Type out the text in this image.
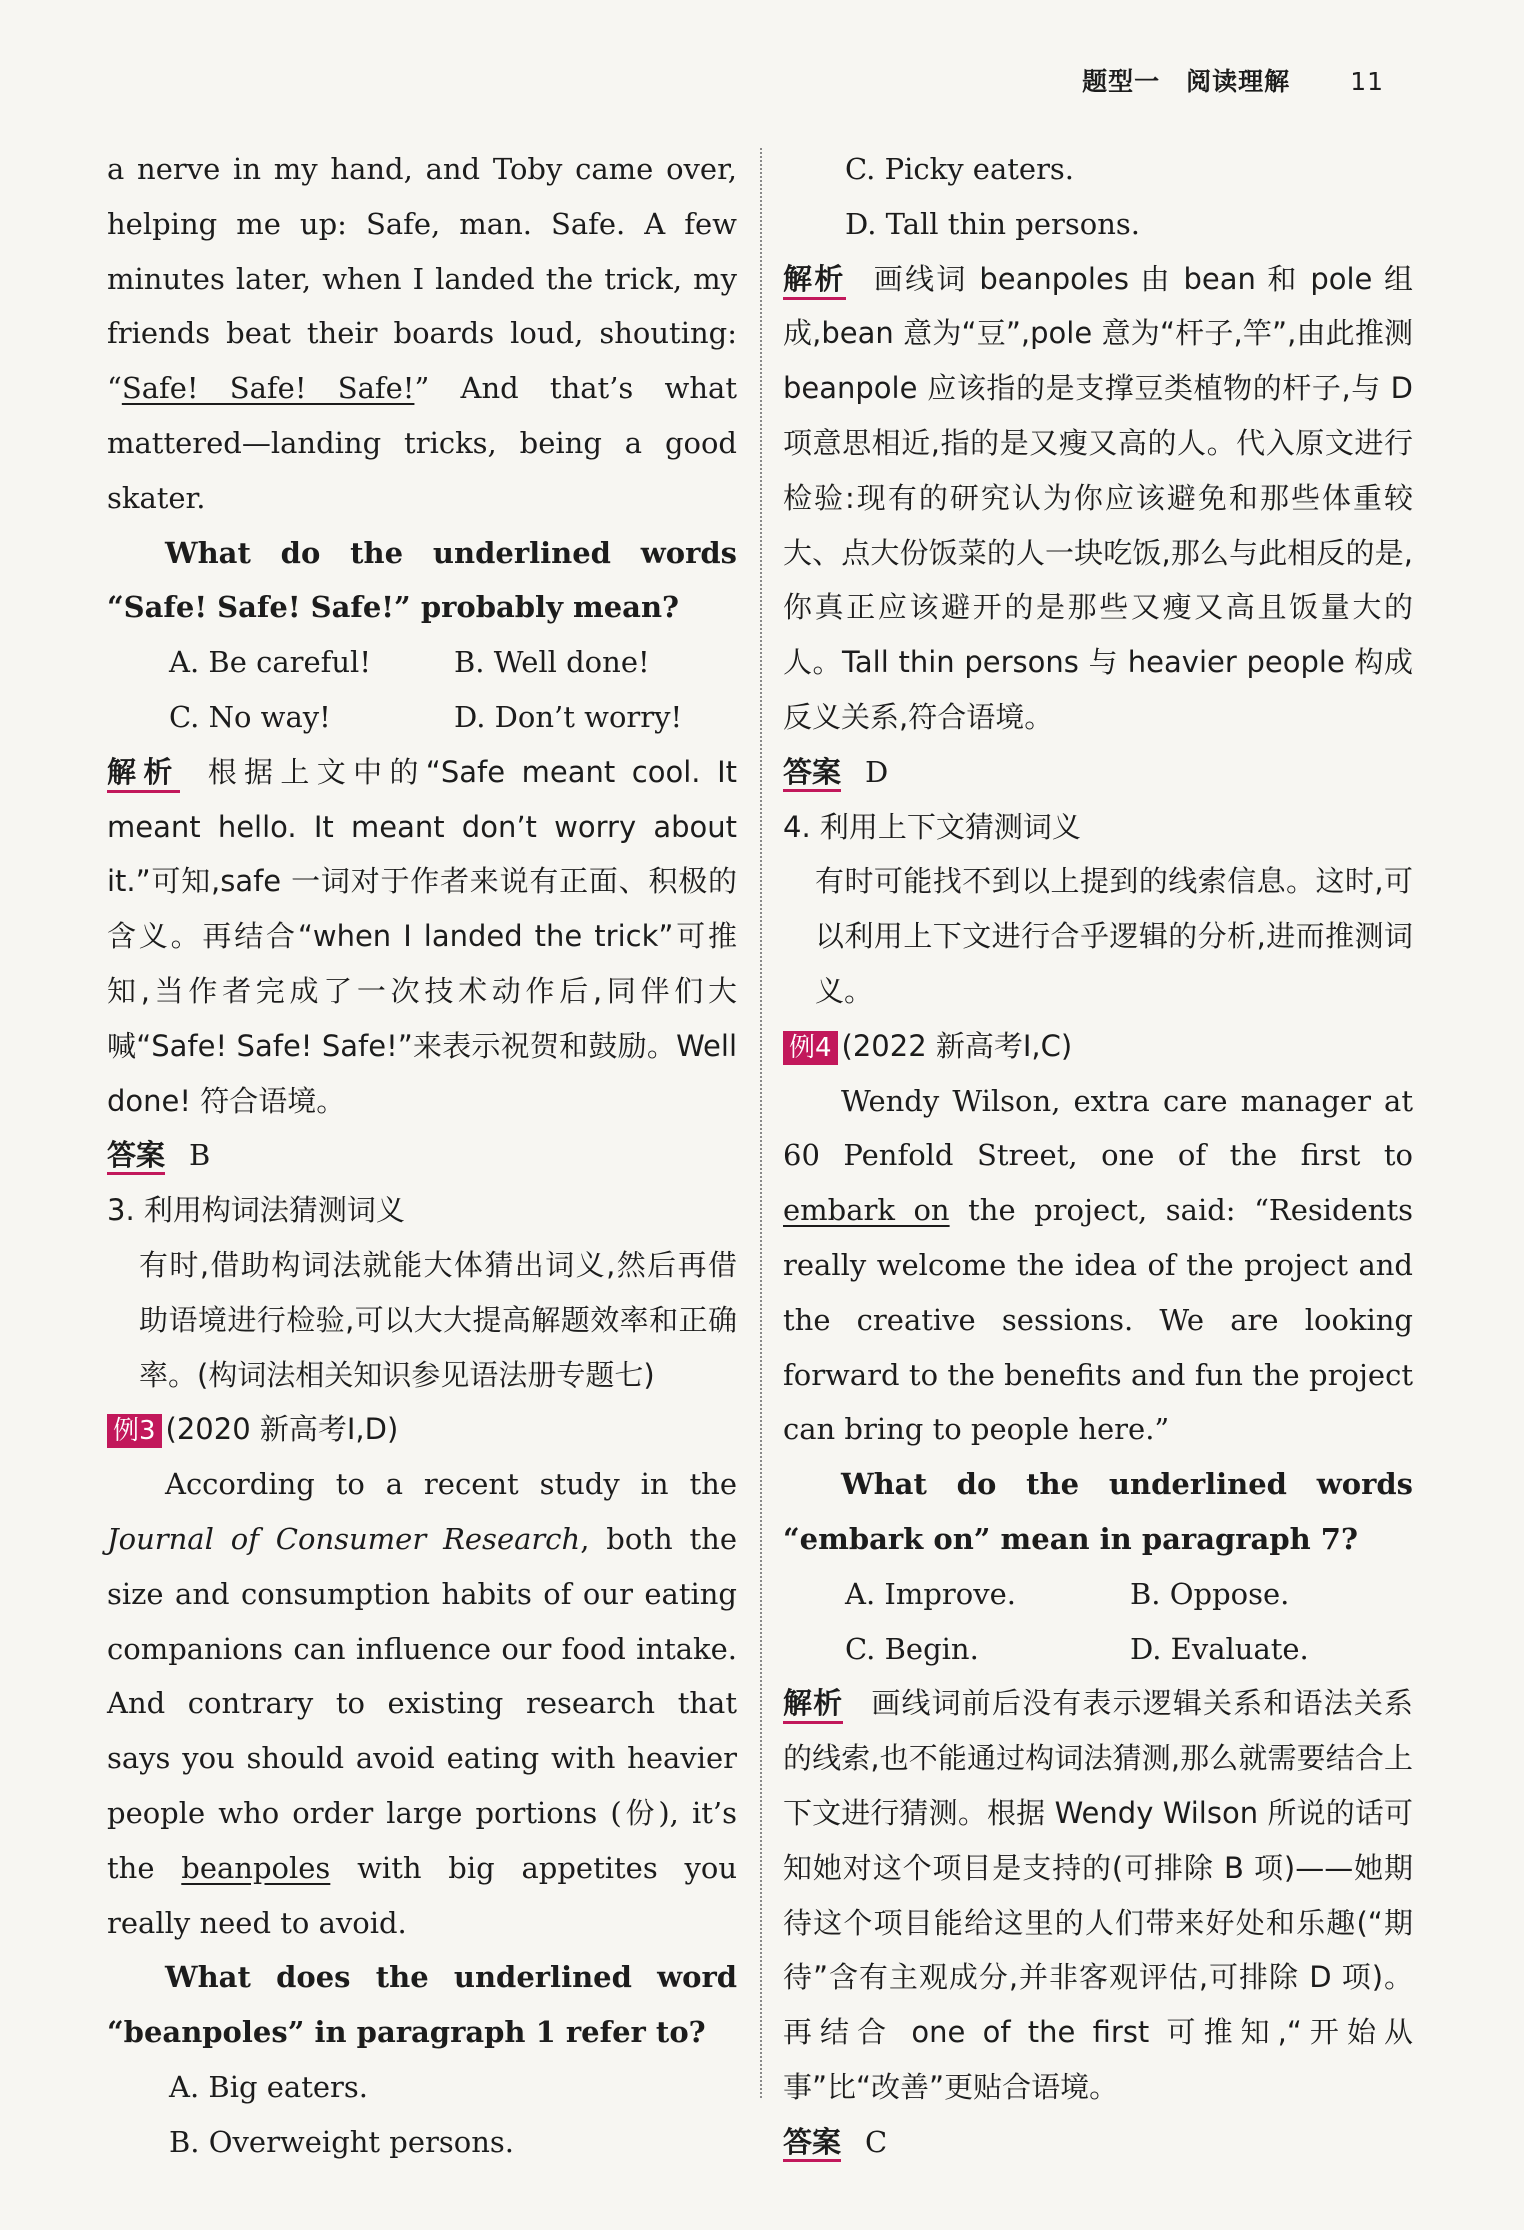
题型一　阅读理解 11

a nerve in my hand, and Toby came over, helping me up: Safe, man. Safe. A few minutes later, when I landed the trick, my friends beat their boards loud, shouting: “Safe! Safe! Safe!” And that’s what mattered—landing tricks, being a good skater.

What do the underlined words “Safe! Safe! Safe!” probably mean?

A. Be careful!	B. Well done!
C. No way!	D. Don’t worry!

解析 根据上文中的“Safe meant cool. It meant hello. It meant don’t worry about it.”可知,safe 一词对于作者来说有正面、积极的含义。再结合“when I landed the trick”可推知,当作者完成了一次技术动作后,同伴们大喊“Safe! Safe! Safe!”来表示祝贺和鼓励。Well done! 符合语境。

答案 B

3. 利用构词法猜测词义

有时,借助构词法就能大体猜出词义,然后再借助语境进行检验,可以大大提高解题效率和正确率。(构词法相关知识参见语法册专题七)

例3 (2020 新高考Ⅰ,D)

According to a recent study in the Journal of Consumer Research, both the size and consumption habits of our eating companions can influence our food intake. And contrary to existing research that says you should avoid eating with heavier people who order large portions (份), it’s the beanpoles with big appetites you really need to avoid.

What does the underlined word “beanpoles” in paragraph 1 refer to?

A. Big eaters.

B. Overweight persons.

C. Picky eaters.

D. Tall thin persons.

解析 画线词 beanpoles 由 bean 和 pole 组成,bean 意为“豆”,pole 意为“杆子,竿”,由此推测 beanpole 应该指的是支撑豆类植物的杆子,与 D 项意思相近,指的是又瘦又高的人。代入原文进行检验:现有的研究认为你应该避免和那些体重较大、点大份饭菜的人一块吃饭,那么与此相反的是,你真正应该避开的是那些又瘦又高且饭量大的人。Tall thin persons 与 heavier people 构成反义关系,符合语境。

答案 D

4. 利用上下文猜测词义

有时可能找不到以上提到的线索信息。这时,可以利用上下文进行合乎逻辑的分析,进而推测词义。

例4 (2022 新高考Ⅰ,C)

Wendy Wilson, extra care manager at 60 Penfold Street, one of the first to embark on the project, said: “Residents really welcome the idea of the project and the creative sessions. We are looking forward to the benefits and fun the project can bring to people here.”

What do the underlined words “embark on” mean in paragraph 7?

A. Improve.	B. Oppose.
C. Begin.	D. Evaluate.

解析 画线词前后没有表示逻辑关系和语法关系的线索,也不能通过构词法猜测,那么就需要结合上下文进行猜测。根据 Wendy Wilson 所说的话可知她对这个项目是支持的(可排除 B 项)——她期待这个项目能给这里的人们带来好处和乐趣(“期待”含有主观成分,并非客观评估,可排除 D 项)。再结合 one of the first 可推知,“开始从事”比“改善”更贴合语境。

答案 C
